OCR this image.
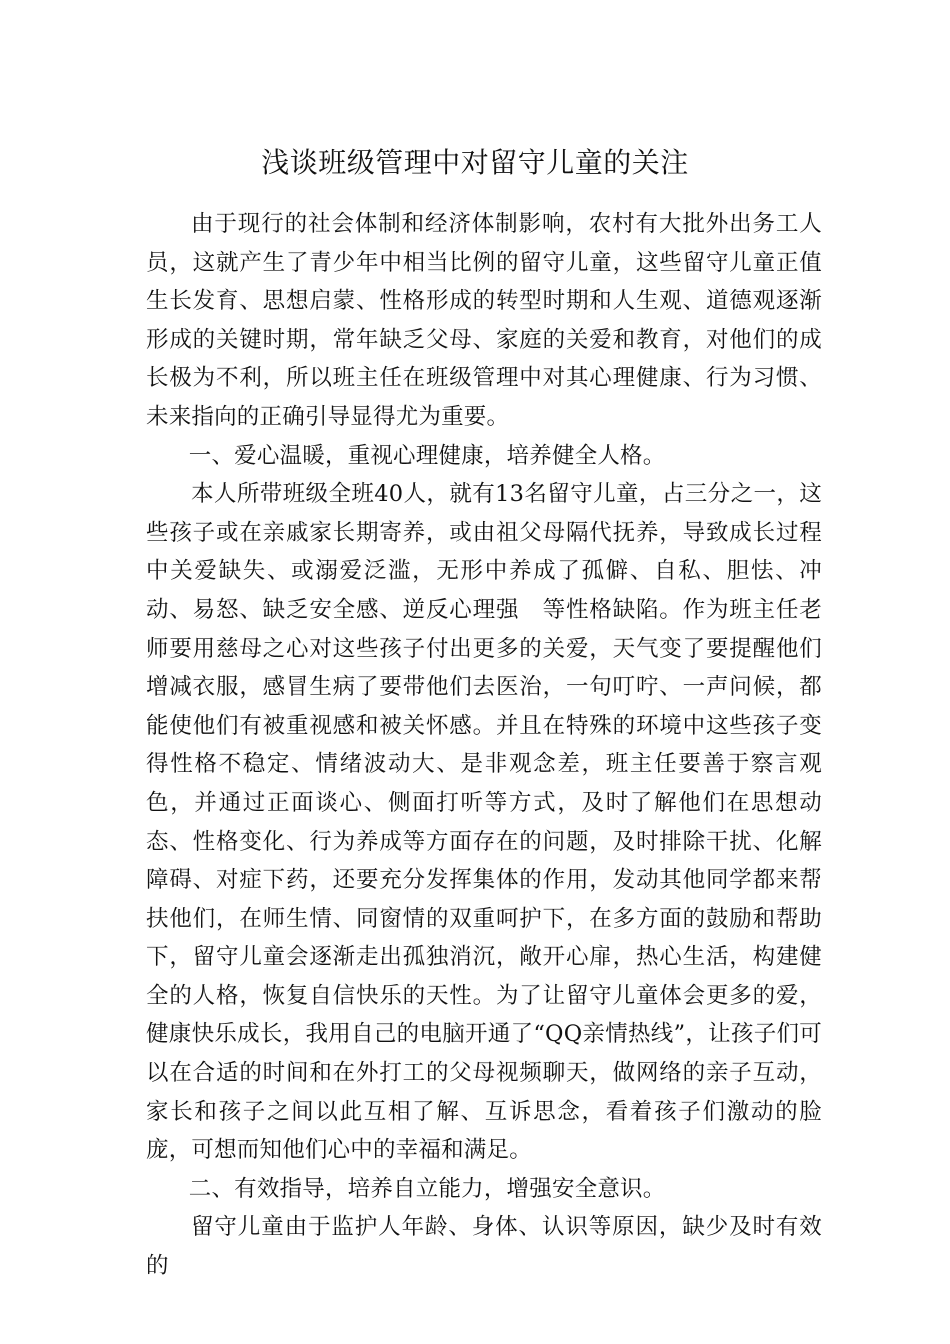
浅谈班级管理中对留守儿童的关注

由于现行的社会体制和经济体制影响，农村有大批外出务工人员，这就产生了青少年中相当比例的留守儿童，这些留守儿童正值生长发育、思想启蒙、性格形成的转型时期和人生观、道德观逐渐形成的关键时期，常年缺乏父母、家庭的关爱和教育，对他们的成长极为不利，所以班主任在班级管理中对其心理健康、行为习惯、未来指向的正确引导显得尤为重要。

一、爱心温暖，重视心理健康，培养健全人格。

本人所带班级全班40人，就有13名留守儿童，占三分之一，这些孩子或在亲戚家长期寄养，或由祖父母隔代抚养，导致成长过程中关爱缺失、或溺爱泛滥，无形中养成了孤僻、自私、胆怯、冲动、易怒、缺乏安全感、逆反心理强　等性格缺陷。作为班主任老师要用慈母之心对这些孩子付出更多的关爱，天气变了要提醒他们增减衣服，感冒生病了要带他们去医治，一句叮咛、一声问候，都能使他们有被重视感和被关怀感。并且在特殊的环境中这些孩子变得性格不稳定、情绪波动大、是非观念差，班主任要善于察言观色，并通过正面谈心、侧面打听等方式，及时了解他们在思想动态、性格变化、行为养成等方面存在的问题，及时排除干扰、化解障碍、对症下药，还要充分发挥集体的作用，发动其他同学都来帮扶他们，在师生情、同窗情的双重呵护下，在多方面的鼓励和帮助下，留守儿童会逐渐走出孤独消沉，敞开心扉，热心生活，构建健全的人格，恢复自信快乐的天性。为了让留守儿童体会更多的爱，健康快乐成长，我用自己的电脑开通了“QQ亲情热线”，让孩子们可以在合适的时间和在外打工的父母视频聊天，做网络的亲子互动，家长和孩子之间以此互相了解、互诉思念，看着孩子们激动的脸庞，可想而知他们心中的幸福和满足。

二、有效指导，培养自立能力，增强安全意识。

留守儿童由于监护人年龄、身体、认识等原因，缺少及时有效的
